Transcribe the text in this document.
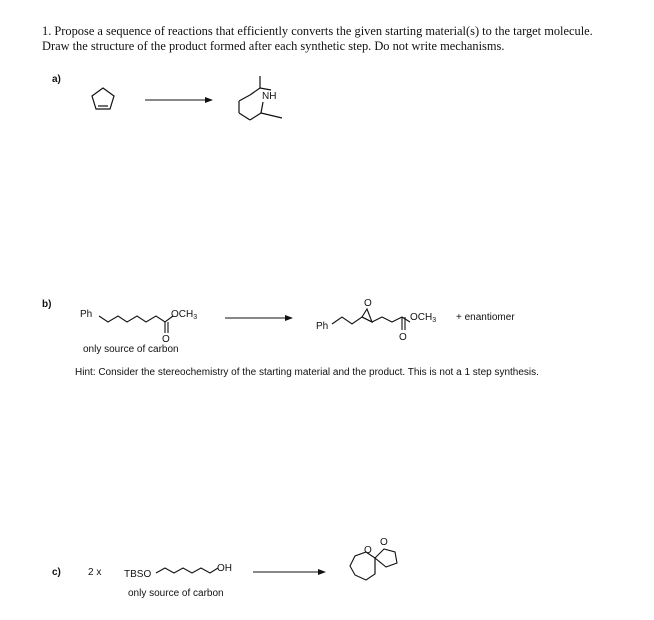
1. Propose a sequence of reactions that efficiently converts the given starting material(s) to the target molecule.
Draw the structure of the product formed after each synthetic step. Do not write mechanisms.
a)
b)
only source of carbon
Hint: Consider the stereochemistry of the starting material and the product. This is not a 1 step synthesis.
c)	2 x
only source of carbon
NH
Ph	$OCH_3$
O
Ph
O
$OCH_3$
O
+ enantiomer
TBSO
OH
O
O
